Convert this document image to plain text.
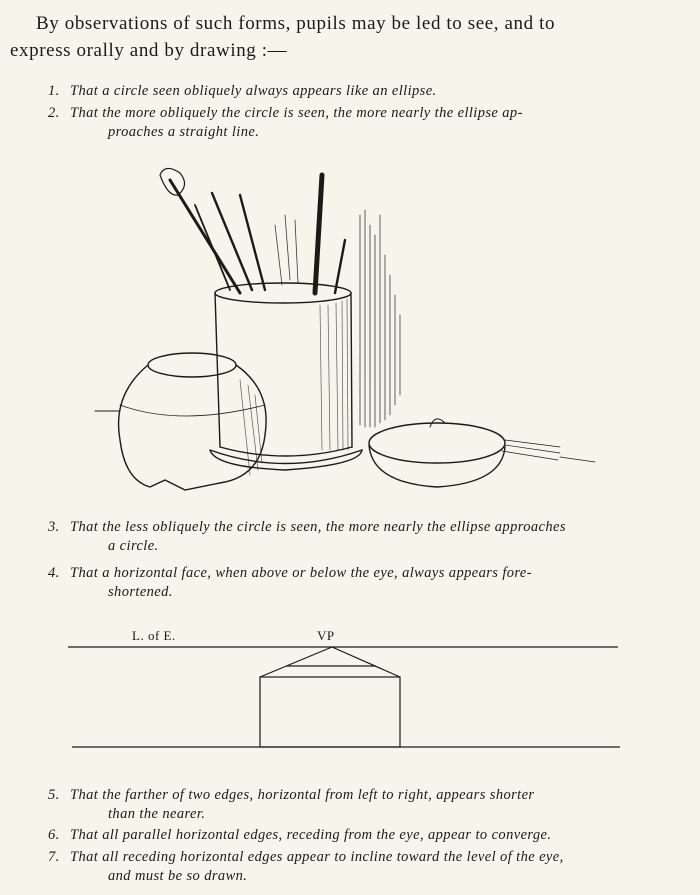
By observations of such forms, pupils may be led to see, and to
express orally and by drawing :—
1. That a circle seen obliquely always appears like an ellipse.
2. That the more obliquely the circle is seen, the more nearly the ellipse ap-
proaches a straight line.
3. That the less obliquely the circle is seen, the more nearly the ellipse approaches
a circle.
4. That a horizontal face, when above or below the eye, always appears fore-
shortened.
L. of E.	VP
5. That the farther of two edges, horizontal from left to right, appears shorter
than the nearer.
6. That all parallel horizontal edges, receding from the eye, appear to converge.
7. That all receding horizontal edges appear to incline toward the level of the eye,
and must be so drawn.
